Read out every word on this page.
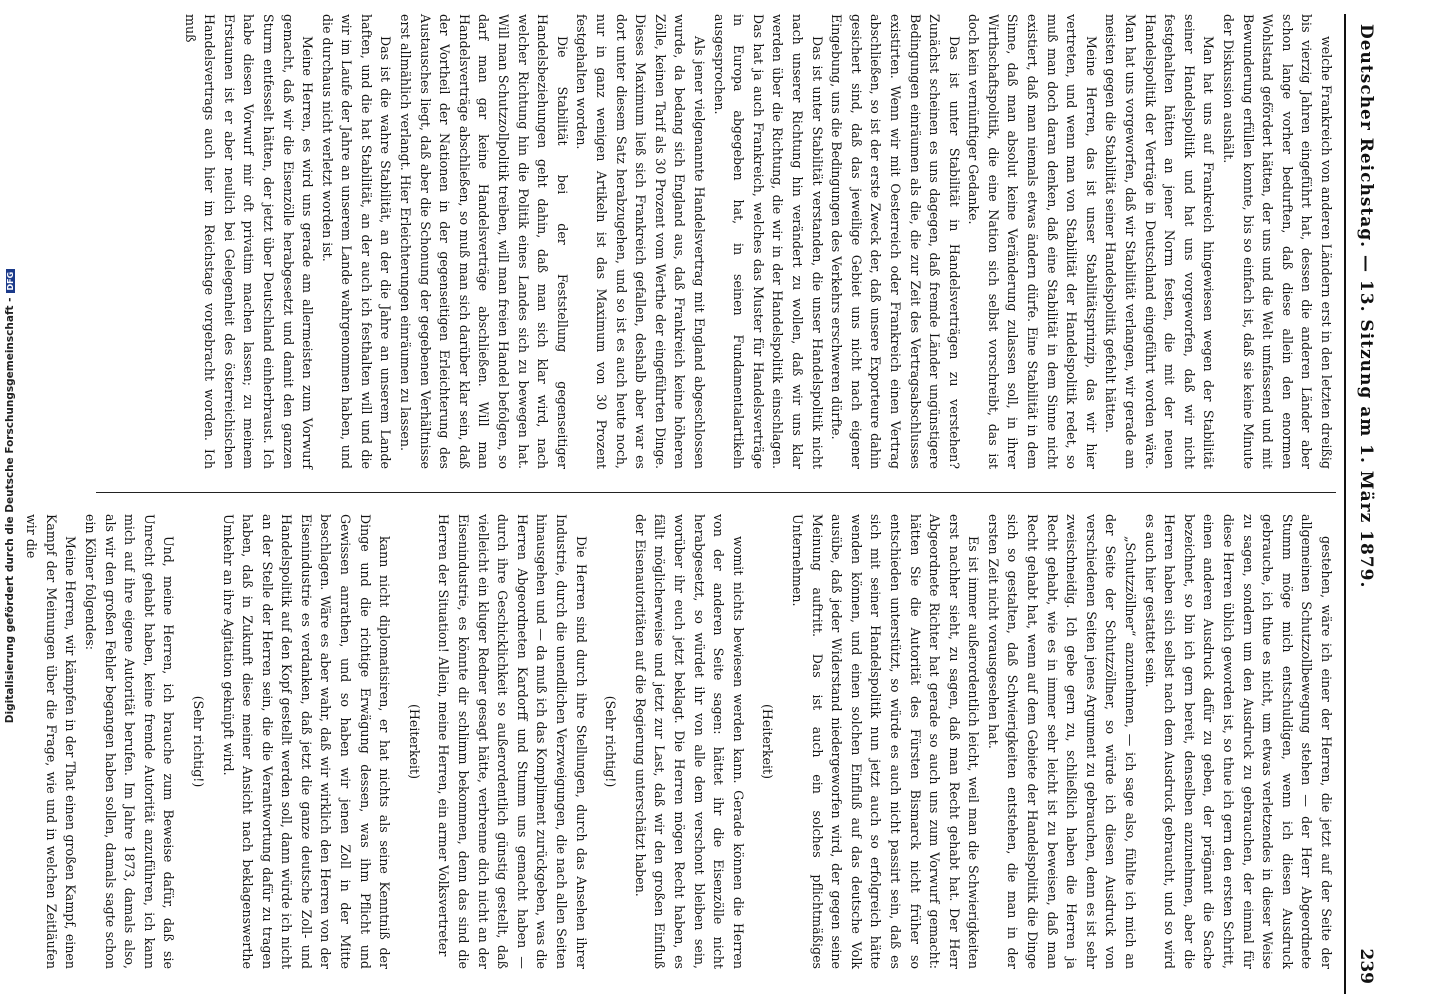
Deutscher Reichstag. — 13. Sitzung am 1. März 1879.
239

welche Frankreich von anderen Ländern erst in den letzten dreißig bis vierzig Jahren eingeführt hat, dessen die anderen Länder aber schon lange vorher bedurften, daß diese allein den enormen Wohlstand gefördert hätten, der uns und die Welt umfassend und mit Bewunderung erfüllen konnte, bis so einfach ist, daß sie keine Minute der Diskussion aushält.

Man hat uns auf Frankreich hingewiesen wegen der Stabilität seiner Handelspolitik und hat uns vorgeworfen, daß wir nicht festgehalten hätten an jener Norm festen, die mit der neuen Handelspolitik der Verträge in Deutschland eingeführt worden wäre. Man hat uns vorgeworfen, daß wir Stabilität verlangen, wir gerade am meisten gegen die Stabilität seiner Handelspolitik gefehlt hätten.

Meine Herren, das ist unser Stabilitätsprinzip, das wir hier vertreten, und wenn man von Stabilität der Handelspolitik redet, so muß man doch daran denken, daß eine Stabilität in dem Sinne nicht existiert, daß man niemals etwas ändern dürfe. Eine Stabilität in dem Sinne, daß man absolut keine Veränderung zulassen soll, in ihrer Wirthschaftspolitik, die eine Nation sich selbst vorschreibt, das ist doch kein vernünftiger Gedanke.

Das ist unter Stabilität in Handelsverträgen zu verstehen? Zunächst scheinen es uns dagegen, daß fremde Länder ungünstigere Bedingungen einräumen als die, die zur Zeit des Vertragsabschlusses existirten. Wenn wir mit Oesterreich oder Frankreich einen Vertrag abschließen, so ist der erste Zweck der, daß unsere Exporteure dahin gesichert sind, daß das jeweilige Gebiet uns nicht nach eigener Eingebung, uns die Bedingungen des Verkehrs erschweren dürfte.

Das ist unter Stabilität verstanden, die unser Handelspolitik nicht nach unserer Richtung hin verändert zu wollen, daß wir uns klar werden über die Richtung, die wir in der Handelspolitik einschlagen. Das hat ja auch Frankreich, welches das Muster für Handelsverträge in Europa abgegeben hat, in seinen Fundamentalartikeln ausgesprochen.

Als jener vielgenannte Handelsvertrag mit England abgeschlossen wurde, da bedang sich England aus, daß Frankreich keine höheren Zölle, keinen Tarif als 30 Prozent vom Werthe der eingeführten Dinge. Dieses Maximum ließ sich Frankreich gefallen, deshalb aber war es dort unter diesem Satz herabzugehen, und so ist es auch heute noch, nur in ganz wenigen Artikeln ist das Maximum von 30 Prozent festgehalten worden.

Die Stabilität bei der Feststellung gegenseitiger Handelsbeziehungen geht dahin, daß man sich klar wird, nach welcher Richtung hin die Politik eines Landes sich zu bewegen hat. Will man Schutzzollpolitik treiben, will man freien Handel befolgen, so darf man gar keine Handelsverträge abschließen. Will man Handelsverträge abschließen, so muß man sich darüber klar sein, daß der Vortheil der Nationen in der gegenseitigen Erleichterung des Austausches liegt, daß aber die Schonung der gegebenen Verhältnisse erst allmählich verlangt. Hier Erleichterungen einräumen zu lassen.

Das ist die wahre Stabilität, an der die Jahre an unserem Lande haften, und die hat Stabilität, an der auch ich festhalten will und die wir im Laufe der Jahre an unserem Lande wahrgenommen haben, und die durchaus nicht verletzt worden ist.

Meine Herren, es wird uns gerade am allermeisten zum Vorwurf gemacht, daß wir die Eisenzölle herabgesetzt und damit den ganzen Sturm entfesselt hätten, der jetzt über Deutschland einherbraust. Ich habe diesen Vorwurf mir oft privatim machen lassen; zu meinem Erstaunen ist er aber neulich bei Gelegenheit des österreichischen Handelsvertrags auch hier im Reichstage vorgebracht worden. Ich muß

gestehen, wäre ich einer der Herren, die jetzt auf der Seite der allgemeinen Schutzzollbewegung stehen — der Herr Abgeordnete Stumm möge mich entschuldigen, wenn ich diesen Ausdruck gebrauche, ich thue es nicht, um etwas verletzendes in dieser Weise zu sagen, sondern um den Ausdruck zu gebrauchen, der einmal für diese Herren üblich geworden ist, so thue ich gern den ersten Schritt, einen anderen Ausdruck dafür zu geben, der prägnant die Sache bezeichnet, so bin ich gern bereit, denselben anzunehmen, aber die Herren haben sich selbst nach dem Ausdruck gebraucht, und so wird es auch hier gestattet sein.

„Schutzzöllner“ anzunehmen, — ich sage also, fühlte ich mich an der Seite der Schutzzöllner, so würde ich diesen Ausdruck von verschiedenen Seiten jenes Argument zu gebrauchen, denn es ist sehr zweischneidig. Ich gebe gern zu, schließlich haben die Herren ja Recht gehabt, wie es in immer sehr leicht ist zu beweisen, daß man Recht gehabt hat, wenn auf dem Gebiete der Handelspolitik die Dinge sich so gestalten, daß Schwierigkeiten entstehen, die man in der ersten Zeit nicht vorausgesehen hat.

Es ist immer außerordentlich leicht, weil man die Schwierigkeiten erst nachher sieht, zu sagen, daß man Recht gehabt hat. Der Herr Abgeordnete Richter hat gerade so auch uns zum Vorwurf gemacht: hätten Sie die Autorität des Fürsten Bismarck nicht früher so entschieden unterstützt, so würde es auch nicht passirt sein, daß es sich mit seiner Handelspolitik nun jetzt auch so erfolgreich hätte wenden können, und einen solchen Einfluß auf das deutsche Volk ausübe, daß jeder Widerstand niedergeworfen wird, der gegen seine Meinung auftritt. Das ist auch ein solches pflichtmäßiges Unternehmen.

(Heiterkeit)

womit nichts bewiesen werden kann. Gerade können die Herren von der anderen Seite sagen: hättet ihr die Eisenzölle nicht herabgesetzt, so würdet ihr von alle dem verschont bleiben sein, worüber ihr euch jetzt beklagt. Die Herren mögen Recht haben, es fällt möglicherweise und jetzt zur Last, daß wir den großen Einfluß der Eisenautoritäten auf die Regierung unterschätzt haben.

(Sehr richtig!)

Die Herren sind durch ihre Stellungen, durch das Ansehen ihrer Industrie, durch die unendlichen Verzweigungen, die nach allen Seiten hinausgehen und — da muß ich das Kompliment zurückgeben, was die Herren Abgeordneten Kardorff und Stumm uns gemacht haben — durch ihre Geschicklichkeit so außerordentlich günstig gestellt, daß vielleicht ein kluger Redner gesagt hätte, verbrenne dich nicht an der Eisenindustrie, es könnte dir schlimm bekommen, denn das sind die Herren der Situation! Allein, meine Herren, ein armer Volksvertreter

(Heiterkeit)

kann nicht diplomatisiren, er hat nichts als seine Kenntniß der Dinge und die richtige Erwägung dessen, was ihm Pflicht und Gewissen anrathen, und so haben wir jenen Zoll in der Mitte beschlagen. Wäre es aber wahr, daß wir wirklich den Herren von der Eisenindustrie es verdanken, daß jetzt die ganze deutsche Zoll- und Handelspolitik auf den Kopf gestellt werden soll, dann würde ich nicht an der Stelle der Herren sein, die die Verantwortung dafür zu tragen haben, daß in Zukunft diese meiner Ansicht nach beklagenswerthe Umkehr an ihre Agitation geknüpft wird.

(Sehr richtig!)

Und, meine Herren, ich brauche zum Beweise dafür, daß sie Unrecht gehabt haben, keine fremde Autorität anzuführen, ich kann mich auf ihre eigene Autorität berufen. Im Jahre 1873, damals also, als wir den großen Fehler begangen haben sollen, damals sagte schon ein Kölner folgendes:

Meine Herren, wir kämpfen in der That einen großen Kampf, einen Kampf der Meinungen über die Frage, wie und in welchen Zeitläufen wir die

Digitalisierung gefördert durch die Deutsche Forschungsgemeinschaft -DFG
